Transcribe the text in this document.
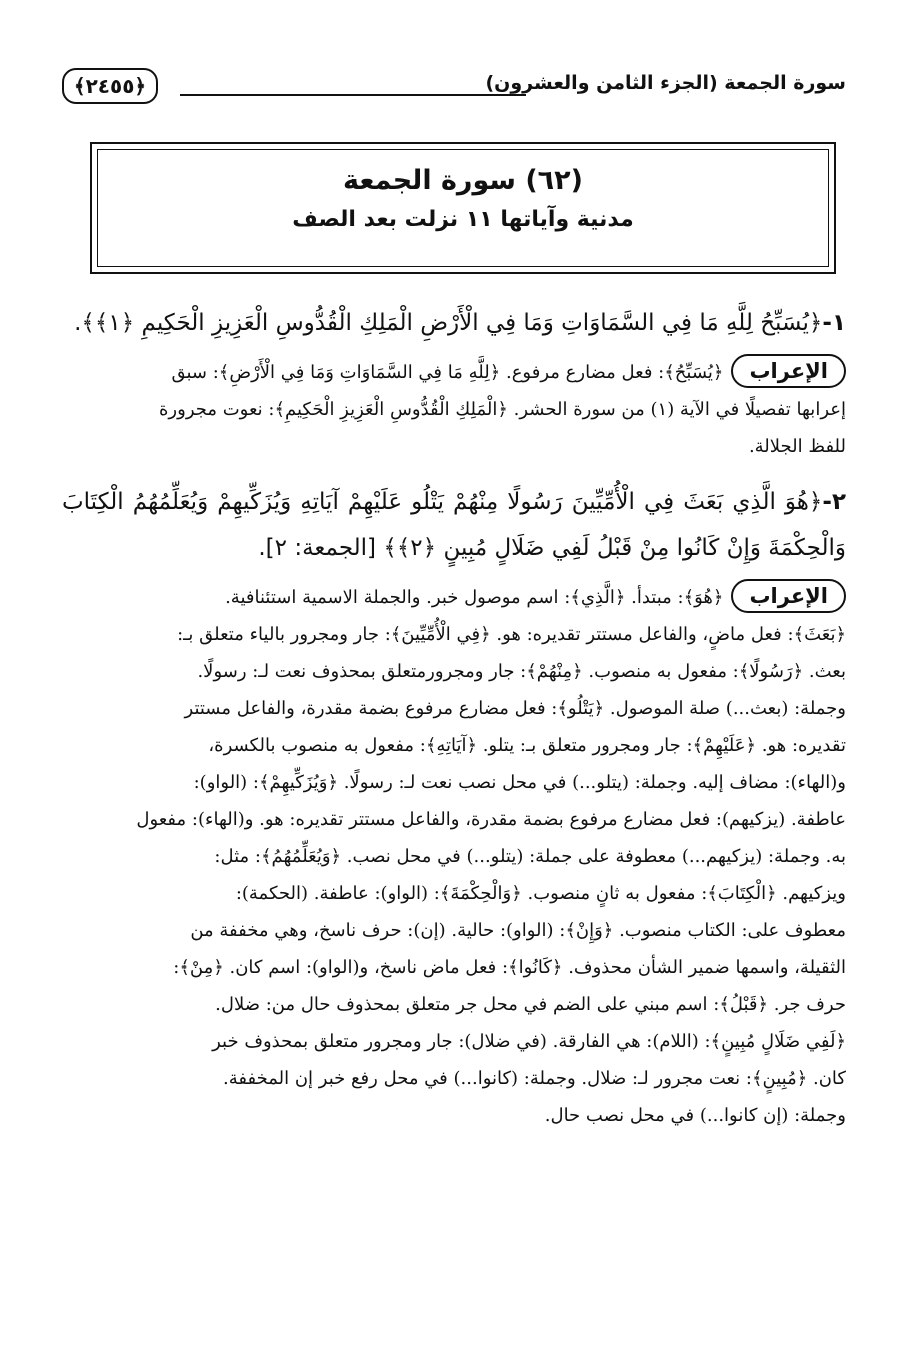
سورة الجمعة (الجزء الثامن والعشرون)
﴿٢٤٥٥﴾
(٦٢) سورة الجمعة
مدنية وآياتها ١١ نزلت بعد الصف
١-﴿يُسَبِّحُ لِلَّهِ مَا فِي السَّمَاوَاتِ وَمَا فِي الْأَرْضِ الْمَلِكِ الْقُدُّوسِ الْعَزِيزِ الْحَكِيمِ ﴿١﴾﴾.
الإعراب﴿يُسَبِّحُ﴾: فعل مضارع مرفوع. ﴿لِلَّهِ مَا فِي السَّمَاوَاتِ وَمَا فِي الْأَرْضِ﴾: سبق
إعرابها تفصيلًا في الآية (١) من سورة الحشر. ﴿الْمَلِكِ الْقُدُّوسِ الْعَزِيزِ الْحَكِيمِ﴾: نعوت مجرورة
للفظ الجلالة.
٢-﴿هُوَ الَّذِي بَعَثَ فِي الْأُمِّيِّينَ رَسُولًا مِنْهُمْ يَتْلُو عَلَيْهِمْ آيَاتِهِ وَيُزَكِّيهِمْ وَيُعَلِّمُهُمُ الْكِتَابَ وَالْحِكْمَةَ وَإِنْ كَانُوا مِنْ قَبْلُ لَفِي ضَلَالٍ مُبِينٍ ﴿٢﴾﴾ [الجمعة: ٢].
الإعراب﴿هُوَ﴾: مبتدأ. ﴿الَّذِي﴾: اسم موصول خبر. والجملة الاسمية استئنافية.
﴿بَعَثَ﴾: فعل ماضٍ، والفاعل مستتر تقديره: هو. ﴿فِي الْأُمِّيِّينَ﴾: جار ومجرور بالياء متعلق بـ:
بعث. ﴿رَسُولًا﴾: مفعول به منصوب. ﴿مِنْهُمْ﴾: جار ومجرورمتعلق بمحذوف نعت لـ: رسولًا.
وجملة: (بعث...) صلة الموصول. ﴿يَتْلُو﴾: فعل مضارع مرفوع بضمة مقدرة، والفاعل مستتر
تقديره: هو. ﴿عَلَيْهِمْ﴾: جار ومجرور متعلق بـ: يتلو. ﴿آيَاتِهِ﴾: مفعول به منصوب بالكسرة،
و(الهاء): مضاف إليه. وجملة: (يتلو...) في محل نصب نعت لـ: رسولًا. ﴿وَيُزَكِّيهِمْ﴾: (الواو):
عاطفة. (يزكيهم): فعل مضارع مرفوع بضمة مقدرة، والفاعل مستتر تقديره: هو. و(الهاء): مفعول
به. وجملة: (يزكيهم...) معطوفة على جملة: (يتلو...) في محل نصب. ﴿وَيُعَلِّمُهُمُ﴾: مثل:
ويزكيهم. ﴿الْكِتَابَ﴾: مفعول به ثانٍ منصوب. ﴿وَالْحِكْمَةَ﴾: (الواو): عاطفة. (الحكمة):
معطوف على: الكتاب منصوب. ﴿وَإِنْ﴾: (الواو): حالية. (إن): حرف ناسخ، وهي مخففة من
الثقيلة، واسمها ضمير الشأن محذوف. ﴿كَانُوا﴾: فعل ماض ناسخ، و(الواو): اسم كان. ﴿مِنْ﴾:
حرف جر. ﴿قَبْلُ﴾: اسم مبني على الضم في محل جر متعلق بمحذوف حال من: ضلال.
﴿لَفِي ضَلَالٍ مُبِينٍ﴾: (اللام): هي الفارقة. (في ضلال): جار ومجرور متعلق بمحذوف خبر
كان. ﴿مُبِينٍ﴾: نعت مجرور لـ: ضلال. وجملة: (كانوا...) في محل رفع خبر إن المخففة.
وجملة: (إن كانوا...) في محل نصب حال.
